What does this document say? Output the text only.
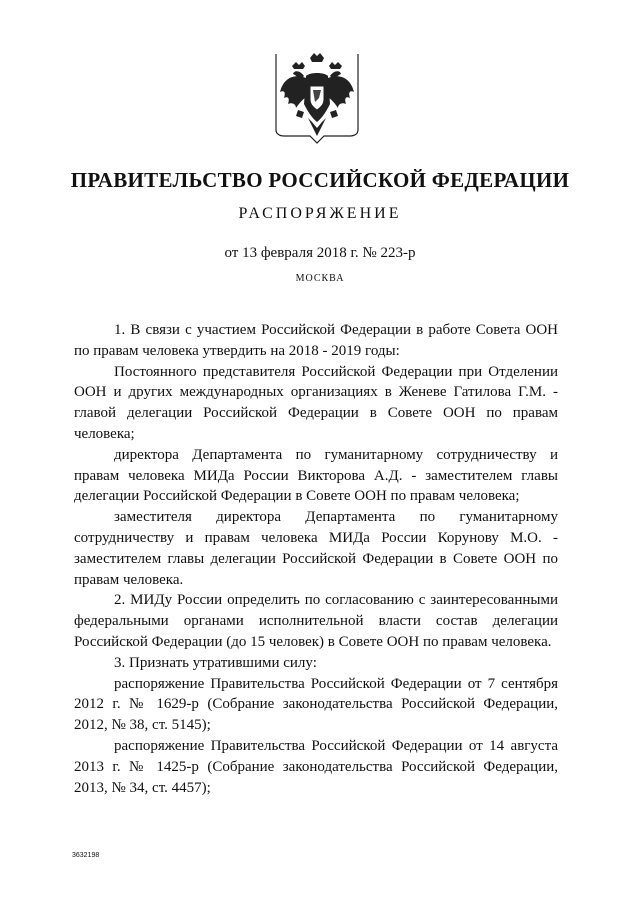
ПРАВИТЕЛЬСТВО РОССИЙСКОЙ ФЕДЕРАЦИИ
РАСПОРЯЖЕНИЕ
от 13 февраля 2018 г. № 223-р
МОСКВА

1. В связи с участием Российской Федерации в работе Совета ООН по правам человека утвердить на 2018 - 2019 годы:

Постоянного представителя Российской Федерации при Отделении ООН и других международных организациях в Женеве Гатилова Г.М. - главой делегации Российской Федерации в Совете ООН по правам человека;

директора Департамента по гуманитарному сотрудничеству и правам человека МИДа России Викторова А.Д. - заместителем главы делегации Российской Федерации в Совете ООН по правам человека;

заместителя директора Департамента по гуманитарному сотрудничеству и правам человека МИДа России Корунову М.О. - заместителем главы делегации Российской Федерации в Совете ООН по правам человека.

2. МИДу России определить по согласованию с заинтересованными федеральными органами исполнительной власти состав делегации Российской Федерации (до 15 человек) в Совете ООН по правам человека.

3. Признать утратившими силу:

распоряжение Правительства Российской Федерации от 7 сентября 2012 г. № 1629-р (Собрание законодательства Российской Федерации, 2012, № 38, ст. 5145);

распоряжение Правительства Российской Федерации от 14 августа 2013 г. № 1425-р (Собрание законодательства Российской Федерации, 2013, № 34, ст. 4457);

3632198
